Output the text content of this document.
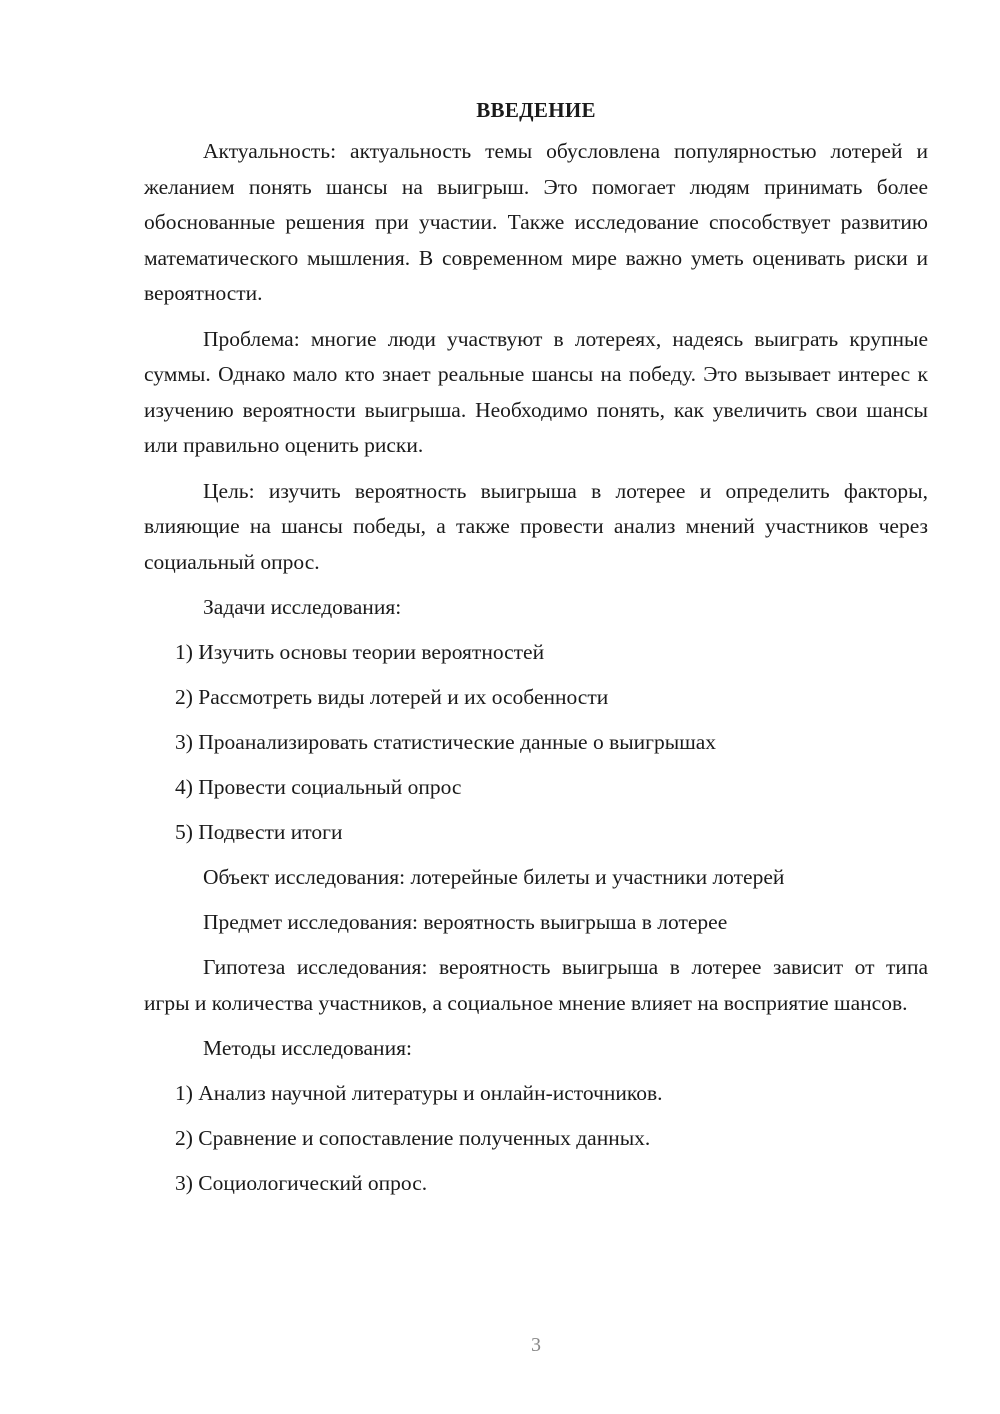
ВВЕДЕНИЕ

Актуальность: актуальность темы обусловлена популярностью лотерей и желанием понять шансы на выигрыш. Это помогает людям принимать более обоснованные решения при участии. Также исследование способствует развитию математического мышления. В современном мире важно уметь оценивать риски и вероятности.

Проблема: многие люди участвуют в лотереях, надеясь выиграть крупные суммы. Однако мало кто знает реальные шансы на победу. Это вызывает интерес к изучению вероятности выигрыша. Необходимо понять, как увеличить свои шансы или правильно оценить риски.

Цель: изучить вероятность выигрыша в лотерее и определить факторы, влияющие на шансы победы, а также провести анализ мнений участников через социальный опрос.

Задачи исследования:

1) Изучить основы теории вероятностей

2) Рассмотреть виды лотерей и их особенности

3) Проанализировать статистические данные о выигрышах

4) Провести социальный опрос

5) Подвести итоги

Объект исследования: лотерейные билеты и участники лотерей

Предмет исследования: вероятность выигрыша в лотерее

Гипотеза исследования: вероятность выигрыша в лотерее зависит от типа игры и количества участников, а социальное мнение влияет на восприятие шансов.

Методы исследования:

1) Анализ научной литературы и онлайн-источников.

2) Сравнение и сопоставление полученных данных.

3) Социологический опрос.

3
